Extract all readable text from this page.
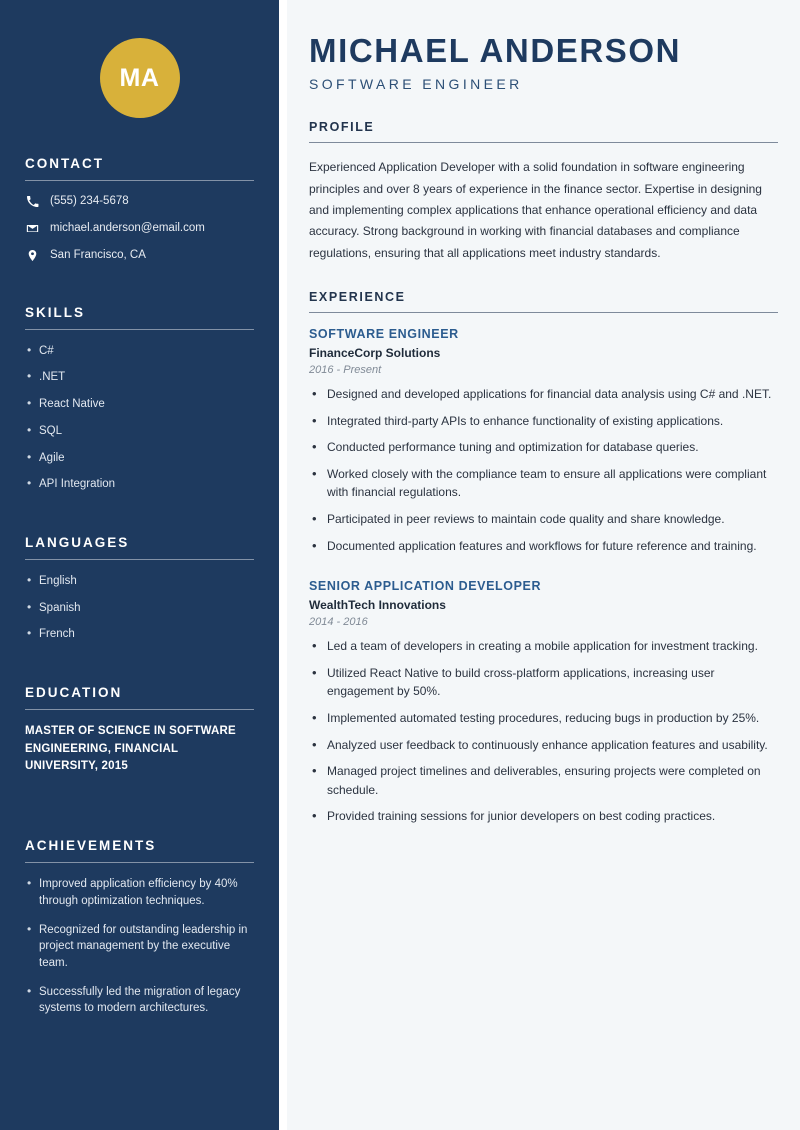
MA
CONTACT
(555) 234-5678
michael.anderson@email.com
San Francisco, CA
SKILLS
• C#
• .NET
• React Native
• SQL
• Agile
• API Integration
LANGUAGES
• English
• Spanish
• French
EDUCATION
MASTER OF SCIENCE IN SOFTWARE ENGINEERING, FINANCIAL UNIVERSITY, 2015
ACHIEVEMENTS
• Improved application efficiency by 40% through optimization techniques.
• Recognized for outstanding leadership in project management by the executive team.
• Successfully led the migration of legacy systems to modern architectures.
MICHAEL ANDERSON
SOFTWARE ENGINEER
PROFILE

Experienced Application Developer with a solid foundation in software engineering principles and over 8 years of experience in the finance sector. Expertise in designing and implementing complex applications that enhance operational efficiency and data accuracy. Strong background in working with financial databases and compliance regulations, ensuring that all applications meet industry standards.

EXPERIENCE
SOFTWARE ENGINEER
FinanceCorp Solutions
2016 - Present
• Designed and developed applications for financial data analysis using C# and .NET.
• Integrated third-party APIs to enhance functionality of existing applications.
• Conducted performance tuning and optimization for database queries.
• Worked closely with the compliance team to ensure all applications were compliant with financial regulations.
• Participated in peer reviews to maintain code quality and share knowledge.
• Documented application features and workflows for future reference and training.
SENIOR APPLICATION DEVELOPER
WealthTech Innovations
2014 - 2016
• Led a team of developers in creating a mobile application for investment tracking.
• Utilized React Native to build cross-platform applications, increasing user engagement by 50%.
• Implemented automated testing procedures, reducing bugs in production by 25%.
• Analyzed user feedback to continuously enhance application features and usability.
• Managed project timelines and deliverables, ensuring projects were completed on schedule.
• Provided training sessions for junior developers on best coding practices.
